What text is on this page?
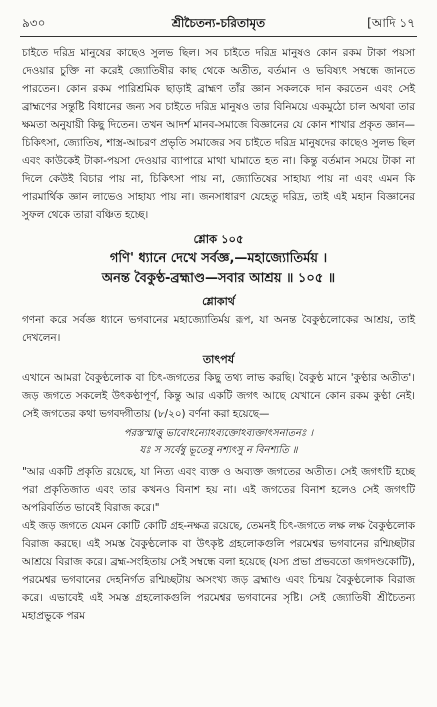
৯৩০	শ্রীচৈতন্য-চরিতামৃত	[আদি ১৭

চাইতে দরিদ্র মানুষের কাছেও সুলভ ছিল। সব চাইতে দরিদ্র মানুষও কোন রকম টাকা পয়সা দেওয়ার চুক্তি না করেই জ্যোতিষীর কাছ থেকে অতীত, বর্তমান ও ভবিষ্যৎ সম্বন্ধে জানতে পারতেন। কোন রকম পারিশ্রমিক ছাড়াই ব্রাহ্মণ তাঁর জ্ঞান সকলকে দান করতেন এবং সেই ব্রাহ্মণের সন্তুষ্টি বিধানের জন্য সব চাইতে দরিদ্র মানুষও তার বিনিময়ে একমুঠো চাল অথবা তার ক্ষমতা অনুযায়ী কিছু দিতেন। তখন আদর্শ মানব-সমাজে বিজ্ঞানের যে কোন শাখার প্রকৃত জ্ঞান—চিকিৎসা, জ্যোতিষ, শাস্ত্র-আচরণ প্রভৃতি সমাজের সব চাইতে দরিদ্র মানুষদের কাছেও সুলভ ছিল এবং কাউকেই টাকা-পয়সা দেওয়ার ব্যাপারে মাথা ঘামাতে হত না। কিন্তু বর্তমান সময়ে টাকা না দিলে কেউই বিচার পায় না, চিকিৎসা পায় না, জ্যোতিষের সাহায্য পায় না এবং এমন কি পারমার্থিক জ্ঞান লাভেও সাহায্য পায় না। জনসাধারণ যেহেতু দরিদ্র, তাই এই মহান বিজ্ঞানের সুফল থেকে তারা বঞ্চিত হচ্ছে।

শ্লোক ১০৫

গণি' ধ্যানে দেখে সর্বজ্ঞ,—মহাজ্যোতির্ময় ।

অনন্ত বৈকুণ্ঠ-ব্রহ্মাণ্ড—সবার আশ্রয় ॥ ১০৫ ॥

শ্লোকার্থ

গণনা করে সর্বজ্ঞ ধ্যানে ভগবানের মহাজ্যোতির্ময় রূপ, যা অনন্ত বৈকুণ্ঠলোকের আশ্রয়, তাই দেখলেন।

তাৎপর্য

এখানে আমরা বৈকুণ্ঠলোক বা চিৎ-জগতের কিছু তথ্য লাভ করছি। বৈকুণ্ঠ মানে 'কুণ্ঠার অতীত'। জড় জগতে সকলেই উৎকণ্ঠাপূর্ণ, কিন্তু আর একটি জগৎ আছে যেখানে কোন রকম কুণ্ঠা নেই। সেই জগতের কথা ভগবদ্গীতায় (৮/২০) বর্ণনা করা হয়েছে—

পরস্তস্মাত্তু ভাবোঽন্যোঽব্যক্তোঽব্যক্তাৎসনাতনঃ ।
যঃ স সর্বেষু ভূতেষু নশ্যৎসু ন বিনশ্যতি ॥

"আর একটি প্রকৃতি রয়েছে, যা নিত্য এবং ব্যক্ত ও অব্যক্ত জগতের অতীত। সেই জগৎটি হচ্ছে পরা প্রকৃতিজাত এবং তার কখনও বিনাশ হয় না। এই জগতের বিনাশ হলেও সেই জগৎটি অপরিবর্তিত ভাবেই বিরাজ করে।"

এই জড় জগতে যেমন কোটি কোটি গ্রহ-নক্ষত্র রয়েছে, তেমনই চিৎ-জগতে লক্ষ লক্ষ বৈকুণ্ঠলোক বিরাজ করছে। এই সমস্ত বৈকুণ্ঠলোক বা উৎকৃষ্ট গ্রহলোকগুলি পরমেশ্বর ভগবানের রশ্মিচ্ছটার আশ্রয়ে বিরাজ করে। ব্রহ্ম-সংহিতায় সেই সম্বন্ধে বলা হয়েছে (যস্য প্রভা প্রভবতো জগদণ্ডকোটি), পরমেশ্বর ভগবানের দেহনির্গত রশ্মিচ্ছটায় অসংখ্য জড় ব্রহ্মাণ্ড এবং চিন্ময় বৈকুণ্ঠলোক বিরাজ করে। এভাবেই এই সমস্ত গ্রহলোকগুলি পরমেশ্বর ভগবানের সৃষ্টি। সেই জ্যোতিষী শ্রীচৈতন্য মহাপ্রভুকে পরম
